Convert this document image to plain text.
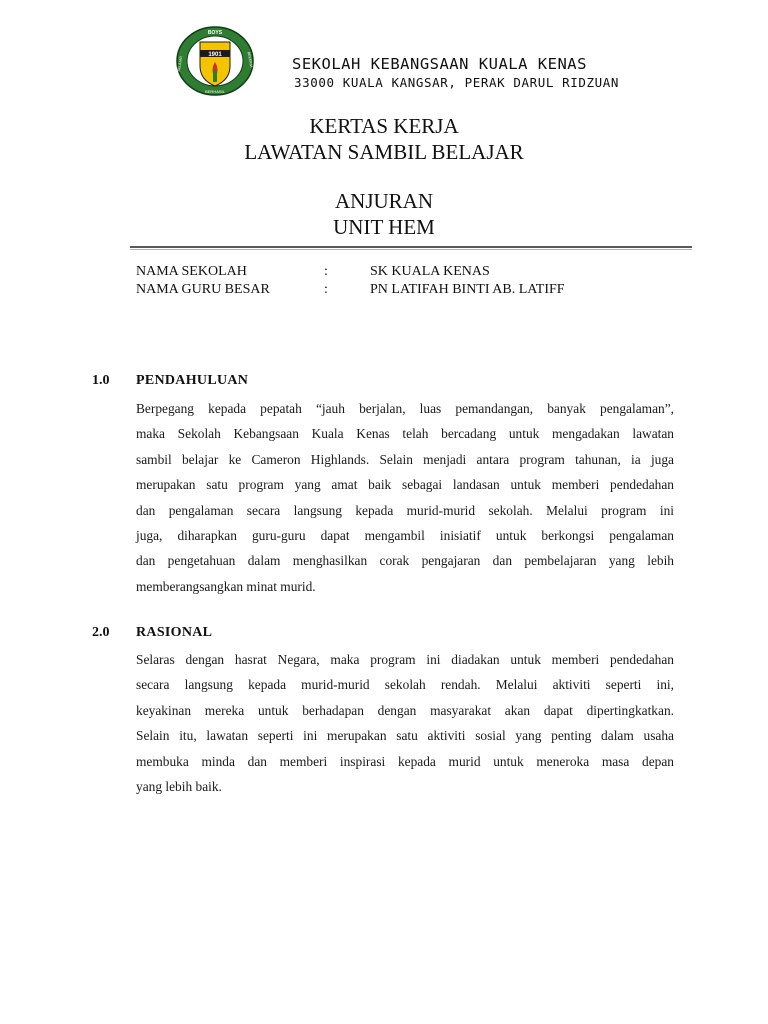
1901
BOYS
BERHASIL
BELAJAR	BEKERJA SEKOLAH KEBANGSAAN KUALA KENAS
33000 KUALA KANGSAR, PERAK DARUL RIDZUAN
KERTAS KERJA
LAWATAN SAMBIL BELAJAR
ANJURAN
UNIT HEM
NAMA SEKOLAH	:	SK KUALA KENAS
NAMA GURU BESAR	:	PN LATIFAH BINTI AB. LATIFF
1.0 PENDAHULUAN
Berpegang kepada pepatah “jauh berjalan, luas pemandangan, banyak pengalaman”,
maka Sekolah Kebangsaan Kuala Kenas telah bercadang untuk mengadakan lawatan
sambil belajar ke Cameron Highlands. Selain menjadi antara program tahunan, ia juga
merupakan satu program yang amat baik sebagai landasan untuk memberi pendedahan
dan pengalaman secara langsung kepada murid-murid sekolah. Melalui program ini
juga, diharapkan guru-guru dapat mengambil inisiatif untuk berkongsi pengalaman
dan pengetahuan dalam menghasilkan corak pengajaran dan pembelajaran yang lebih
memberangsangkan minat murid.
2.0 RASIONAL
Selaras dengan hasrat Negara, maka program ini diadakan untuk memberi pendedahan
secara langsung kepada murid-murid sekolah rendah. Melalui aktiviti seperti ini,
keyakinan mereka untuk berhadapan dengan masyarakat akan dapat dipertingkatkan.
Selain itu, lawatan seperti ini merupakan satu aktiviti sosial yang penting dalam usaha
membuka minda dan memberi inspirasi kepada murid untuk meneroka masa depan
yang lebih baik.
